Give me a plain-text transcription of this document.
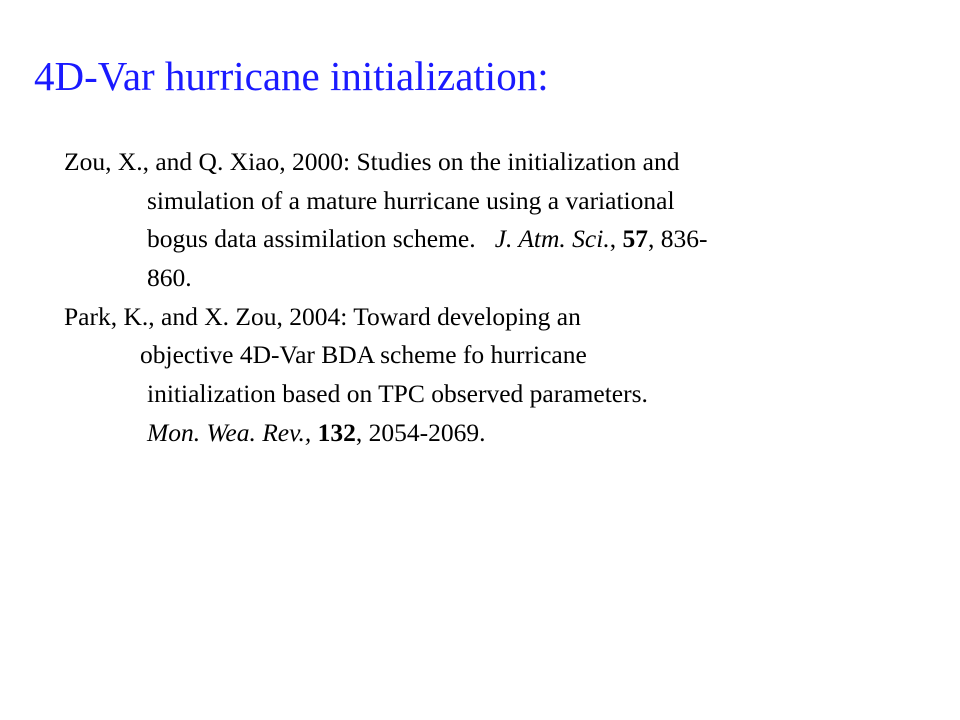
4D-Var hurricane initialization:
Zou, X., and Q. Xiao, 2000: Studies on the initialization and
simulation of a mature hurricane using a variational
bogus data assimilation scheme. J. Atm. Sci., 57, 836-
860.
Park, K., and X. Zou, 2004: Toward developing an
objective 4D-Var BDA scheme fo hurricane
initialization based on TPC observed parameters.
Mon. Wea. Rev., 132, 2054-2069.
